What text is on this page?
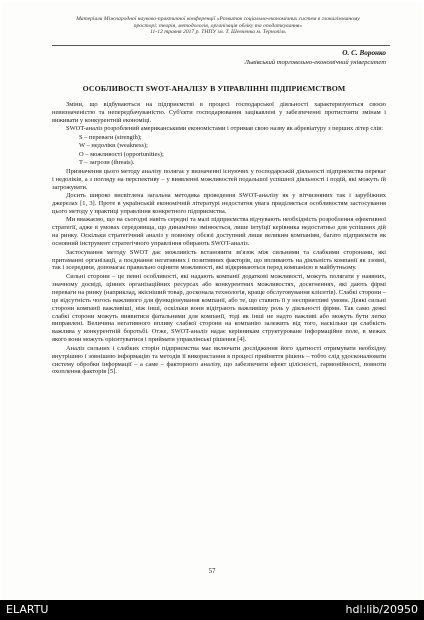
Матеріали Міжнародної науково-практичної конференції «Розвиток соціально-економічних систем в глокалізованому просторі: теорія, методологія, організація обліку та оподаткування»
11-12 травня 2017 р. ТНПУ ім. Т. Шевченка м. Тернопіль
О. С. Воронко
Львівський торговельно-економічний університет
ОСОБЛИВОСТІ SWOT-АНАЛІЗУ В УПРАВЛІННІ ПІДПРИЄМСТВОМ

Зміни, що відбуваються на підприємстві в процесі господарської діяльності характеризуються своєю невизначеністю та непередбачуваністю. Суб'єкти господарювання зацікавлені у забезпеченні протистояти змінам і виживати у конкурентній економіці.

SWOT-аналіз розроблений американськими економістами і отримав свою назву як абревіатуру з перших літер слів:

S – переваги (strength);

W – недоліки (weakness);

O – можливості (opportunities);

T – загрози (threats).

Призначення цього методу аналізу полягає у визначенні існуючих у господарській діяльності підприємства переваг і недоліків, а з погляду на перспективу – у виявленні можливостей подальшої успішної діяльності і подій, які можуть їй загрожувати.

Досить широко висвітлена загальна методика проведення SWOT-аналізу як у вітчизняних так і зарубіжних джерелах [1, 3]. Проте в українській економічній літературі недостатня увага приділяється особливостям застосування цього методу у практиці управління конкретного підприємства.

Ми вважаємо, що на сьогодні навіть середні та малі підприємства відчувають необхідність розроблення ефективної стратегії, адже в умовах середовища, що динамічно змінюється, лише інтуїції керівника недостатньо для успішних дій на ринку. Оскільки стратегічний аналіз у повному обсязі доступний лише великим компаніям, багато підприємств як основний інструмент стратегічного управління обирають SWOT-аналіз.

Застосування методу SWOT дає можливість встановити зв'язок між сильними та слабкими сторонами, які притаманні організації, а поєднання негативних і позитивних факторів, що впливають на діяльність компанії як ззовні, так і зсередини, допомагає правильно оцінити можливості, які відкриваються перед компанією в майбутньому.

Сильні сторони – це певні особливості, які надають компанії додаткові можливості, можуть полягати у наявних, значному досвіді, цінних організаційних ресурсах або конкурентних можливостях, досягненнях, які дають фірмі переваги на ринку (наприклад, якісніший товар, досконала технологія, краще обслуговування клієнтів). Слабкі сторони – це відсутність чогось важливого для функціонування компанії, або те, що ставить її у несприятливі умови. Деякі сильні сторони компанії важливіші, ніж інші, оскільки вони відіграють важливішу роль у діяльності фірми. Так само деякі слабкі сторони можуть виявитися фатальними для компанії, тоді як інші не надто важливі або можуть бути легко виправлені. Величина негативного впливу слабкої сторони на компанію залежить від того, наскільки ця слабкість важлива у конкурентній боротьбі. Отже, SWOT-аналіз надає керівникам структуроване інформаційне поле, в межах якого вони можуть орієнтуватися і приймати управлінські рішення [4].

Аналіз сильних і слабких сторін підприємства має включати дослідження його здатності отримувати необхідну внутрішню і зовнішню інформацію та методів її використання в процесі прийняття рішень – тобто слід удосконалювати систему обробки інформації – а саме – факторного аналізу, що забезпечити ефект цілісності, гармонійності, повноти охоплення факторів [5].

57
ELARTU	hdl:lib/20950
